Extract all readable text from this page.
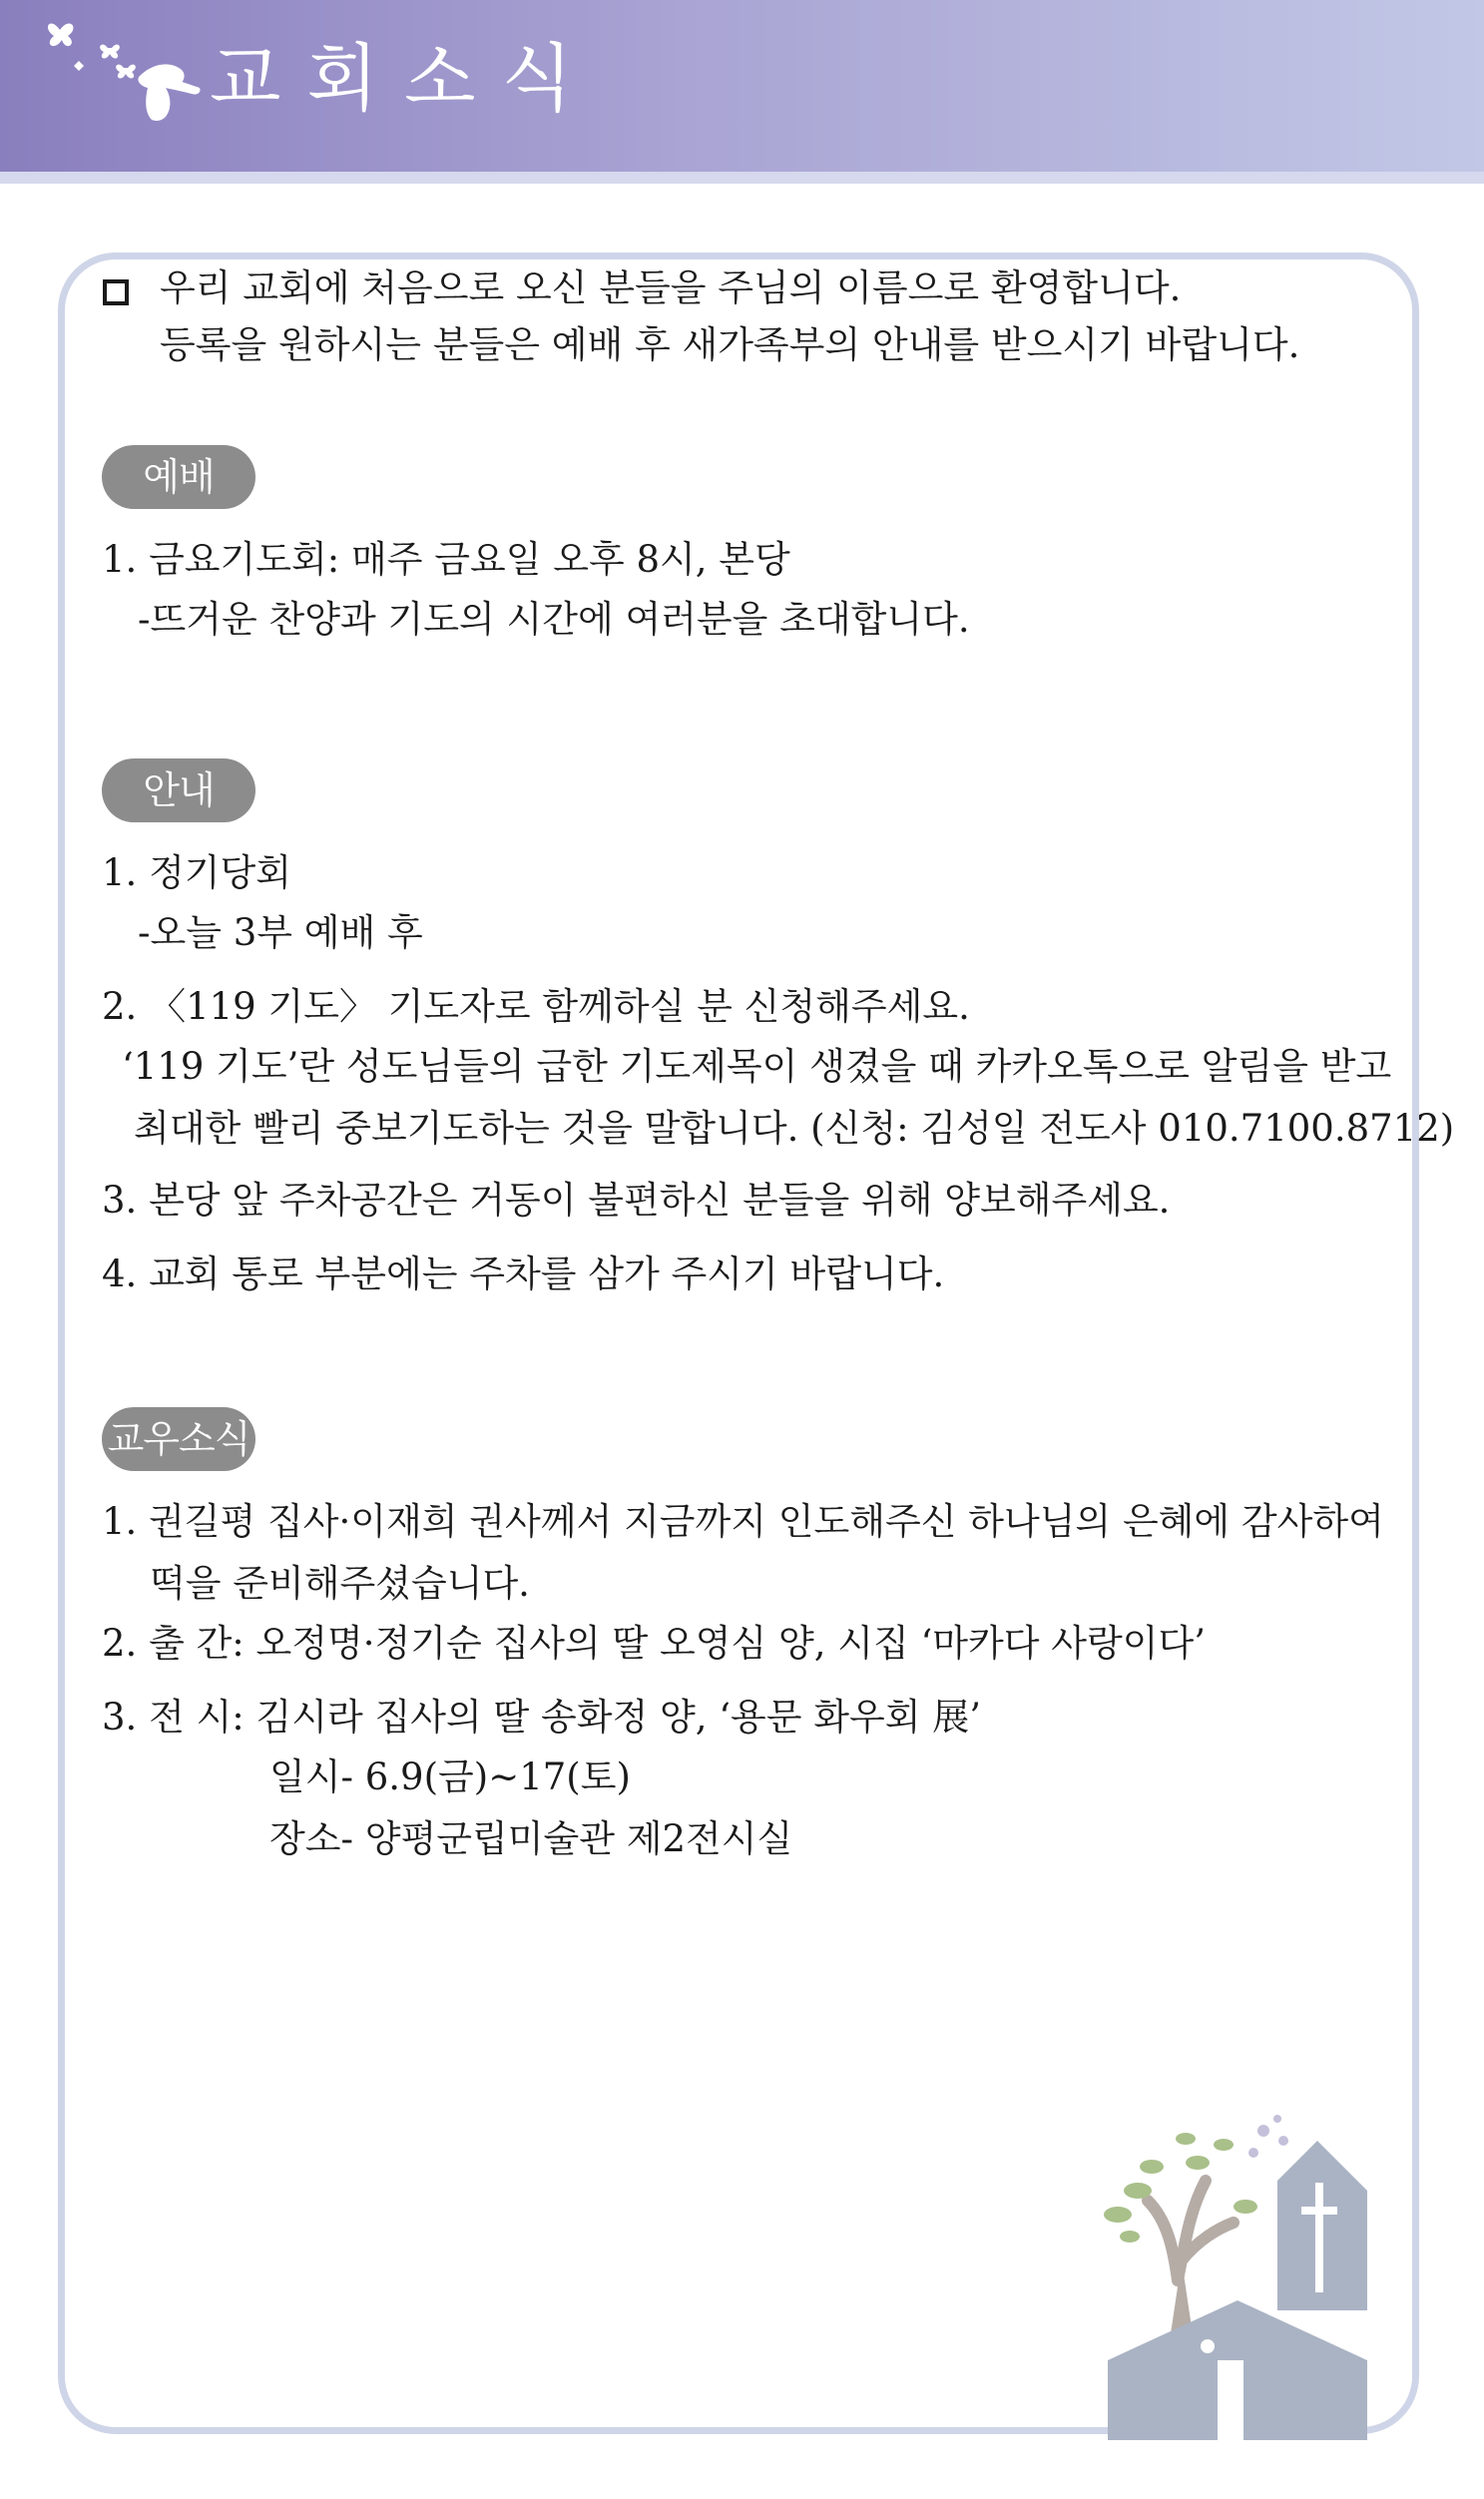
교회소식
우리 교회에 처음으로 오신 분들을 주님의 이름으로 환영합니다.
등록을 원하시는 분들은 예배 후 새가족부의 안내를 받으시기 바랍니다.
예배
1. 금요기도회: 매주 금요일 오후 8시, 본당
-뜨거운 찬양과 기도의 시간에 여러분을 초대합니다.
안내
1. 정기당회
-오늘 3부 예배 후
2. 〈119 기도〉 기도자로 함께하실 분 신청해주세요.
‘119 기도’란 성도님들의 급한 기도제목이 생겼을 때 카카오톡으로 알림을 받고
최대한 빨리 중보기도하는 것을 말합니다. (신청: 김성일 전도사 010.7100.8712)
3. 본당 앞 주차공간은 거동이 불편하신 분들을 위해 양보해주세요.
4. 교회 통로 부분에는 주차를 삼가 주시기 바랍니다.
교우소식
1. 권길평 집사·이재희 권사께서 지금까지 인도해주신 하나님의 은혜에 감사하여
떡을 준비해주셨습니다.
2. 출 간: 오정명·정기순 집사의 딸 오영심 양, 시집 ‘마카다 사랑이다’
3. 전 시: 김시라 집사의 딸 송화정 양, ‘용문 화우회 展’
일시- 6.9(금)~17(토)
장소- 양평군립미술관 제2전시실
